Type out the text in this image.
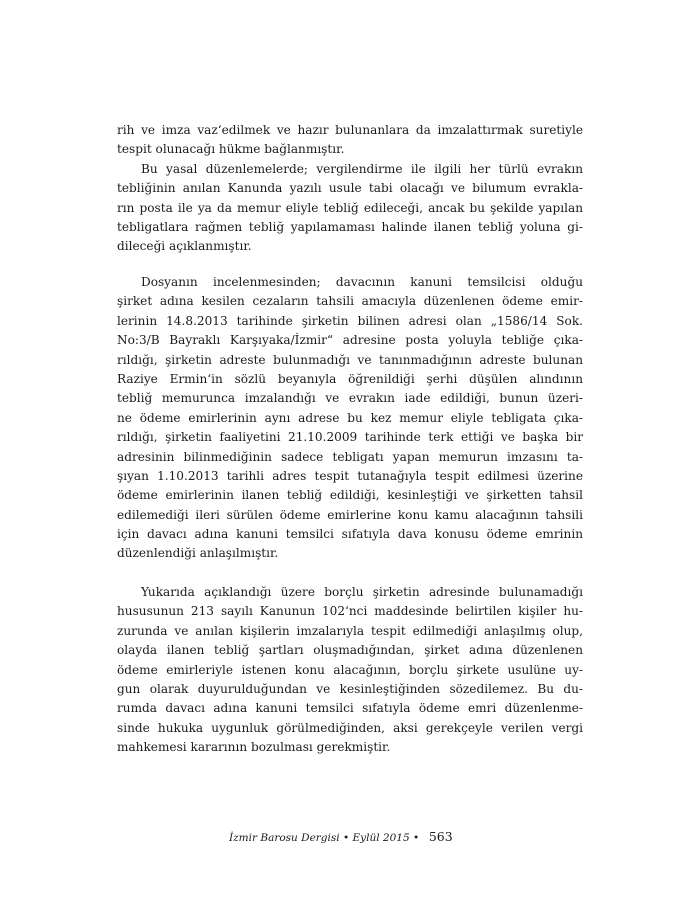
rih ve imza vaz‘edilmek ve hazır bulunanlara da imzalattırmak suretiyle
tespit olunacağı hükme bağlanmıştır.
Bu yasal düzenlemelerde; vergilendirme ile ilgili her türlü evrakın
tebliğinin anılan Kanunda yazılı usule tabi olacağı ve bilumum evrakla-
rın posta ile ya da memur eliyle tebliğ edileceği, ancak bu şekilde yapılan
tebligatlara rağmen tebliğ yapılamaması halinde ilanen tebliğ yoluna gi-
dileceği açıklanmıştır.
Dosyanın incelenmesinden; davacının kanuni temsilcisi olduğu
şirket adına kesilen cezaların tahsili amacıyla düzenlenen ödeme emir-
lerinin 14.8.2013 tarihinde şirketin bilinen adresi olan „1586/14 Sok.
No:3/B Bayraklı Karşıyaka/İzmir“ adresine posta yoluyla tebliğe çıka-
rıldığı, şirketin adreste bulunmadığı ve tanınmadığının adreste bulunan
Raziye Ermin‘in sözlü beyanıyla öğrenildiği şerhi düşülen alındının
tebliğ memurunca imzalandığı ve evrakın iade edildiği, bunun üzeri-
ne ödeme emirlerinin aynı adrese bu kez memur eliyle tebligata çıka-
rıldığı, şirketin faaliyetini 21.10.2009 tarihinde terk ettiği ve başka bir
adresinin bilinmediğinin sadece tebligatı yapan memurun imzasını ta-
şıyan 1.10.2013 tarihli adres tespit tutanağıyla tespit edilmesi üzerine
ödeme emirlerinin ilanen tebliğ edildiği, kesinleştiği ve şirketten tahsil
edilemediği ileri sürülen ödeme emirlerine konu kamu alacağının tahsili
için davacı adına kanuni temsilci sıfatıyla dava konusu ödeme emrinin
düzenlendiği anlaşılmıştır.
Yukarıda açıklandığı üzere borçlu şirketin adresinde bulunamadığı
hususunun 213 sayılı Kanunun 102‘nci maddesinde belirtilen kişiler hu-
zurunda ve anılan kişilerin imzalarıyla tespit edilmediği anlaşılmış olup,
olayda ilanen tebliğ şartları oluşmadığından, şirket adına düzenlenen
ödeme emirleriyle istenen konu alacağının, borçlu şirkete usulüne uy-
gun olarak duyurulduğundan ve kesinleştiğinden sözedilemez. Bu du-
rumda davacı adına kanuni temsilci sıfatıyla ödeme emri düzenlenme-
sinde hukuka uygunluk görülmediğinden, aksi gerekçeyle verilen vergi
mahkemesi kararının bozulması gerekmiştir.
İzmir Barosu Dergisi • Eylül 2015 • 563
